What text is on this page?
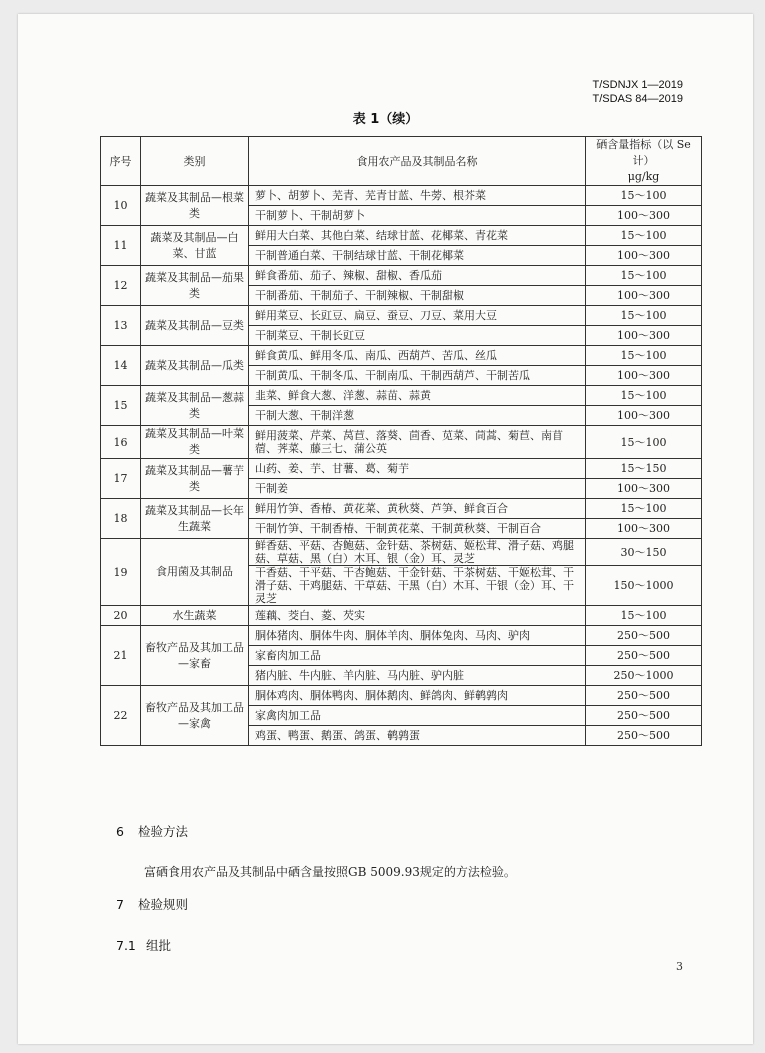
T/SDNJX 1—2019
T/SDAS 84—2019
表 1（续）
序号	类别	食用农产品及其制品名称	硒含量指标（以 Se 计）
μg/kg

10	蔬菜及其制品—根菜类	萝卜、胡萝卜、芜青、芜青甘蓝、牛蒡、根芥菜	15～100
		干制萝卜、干制胡萝卜	100～300
11	蔬菜及其制品—白菜、甘蓝	鲜用大白菜、其他白菜、结球甘蓝、花椰菜、青花菜	15～100
		干制普通白菜、干制结球甘蓝、干制花椰菜	100～300
12	蔬菜及其制品—茄果类	鲜食番茄、茄子、辣椒、甜椒、香瓜茄	15～100
		干制番茄、干制茄子、干制辣椒、干制甜椒	100～300
13	蔬菜及其制品—豆类	鲜用菜豆、长豇豆、扁豆、蚕豆、刀豆、菜用大豆	15～100
		干制菜豆、干制长豇豆	100～300
14	蔬菜及其制品—瓜类	鲜食黄瓜、鲜用冬瓜、南瓜、西葫芦、苦瓜、丝瓜	15～100
		干制黄瓜、干制冬瓜、干制南瓜、干制西葫芦、干制苦瓜	100～300
15	蔬菜及其制品—葱蒜类	韭菜、鲜食大葱、洋葱、蒜苗、蒜黄	15～100
		干制大葱、干制洋葱	100～300
16	蔬菜及其制品—叶菜类	鲜用菠菜、芹菜、莴苣、落葵、茴香、苋菜、茼蒿、菊苣、南苜蓿、荠菜、藤三七、蒲公英	15～100
17	蔬菜及其制品—薯芋类	山药、姜、芋、甘薯、葛、菊芋	15～150
		干制姜	100～300
18	蔬菜及其制品—长年生蔬菜	鲜用竹笋、香椿、黄花菜、黄秋葵、芦笋、鲜食百合	15～100
		干制竹笋、干制香椿、干制黄花菜、干制黄秋葵、干制百合	100～300
19	食用菌及其制品	鲜香菇、平菇、杏鲍菇、金针菇、茶树菇、姬松茸、滑子菇、鸡腿菇、草菇、黑（白）木耳、银（金）耳、灵芝	30～150
		干香菇、干平菇、干杏鲍菇、干金针菇、干茶树菇、干姬松茸、干滑子菇、干鸡腿菇、干草菇、干黑（白）木耳、干银（金）耳、干灵芝	150～1000
20	水生蔬菜	莲藕、茭白、菱、芡实	15～100
21	畜牧产品及其加工品—家畜	胴体猪肉、胴体牛肉、胴体羊肉、胴体兔肉、马肉、驴肉	250～500
		家畜肉加工品	250～500
		猪内脏、牛内脏、羊内脏、马内脏、驴内脏	250～1000
22	畜牧产品及其加工品—家禽	胴体鸡肉、胴体鸭肉、胴体鹅肉、鲜鸽肉、鲜鹌鹑肉	250～500
		家禽肉加工品	250～500
		鸡蛋、鸭蛋、鹅蛋、鸽蛋、鹌鹑蛋	250～500
6 检验方法
富硒食用农产品及其制品中硒含量按照GB 5009.93规定的方法检验。
7 检验规则
7.1 组批
3
